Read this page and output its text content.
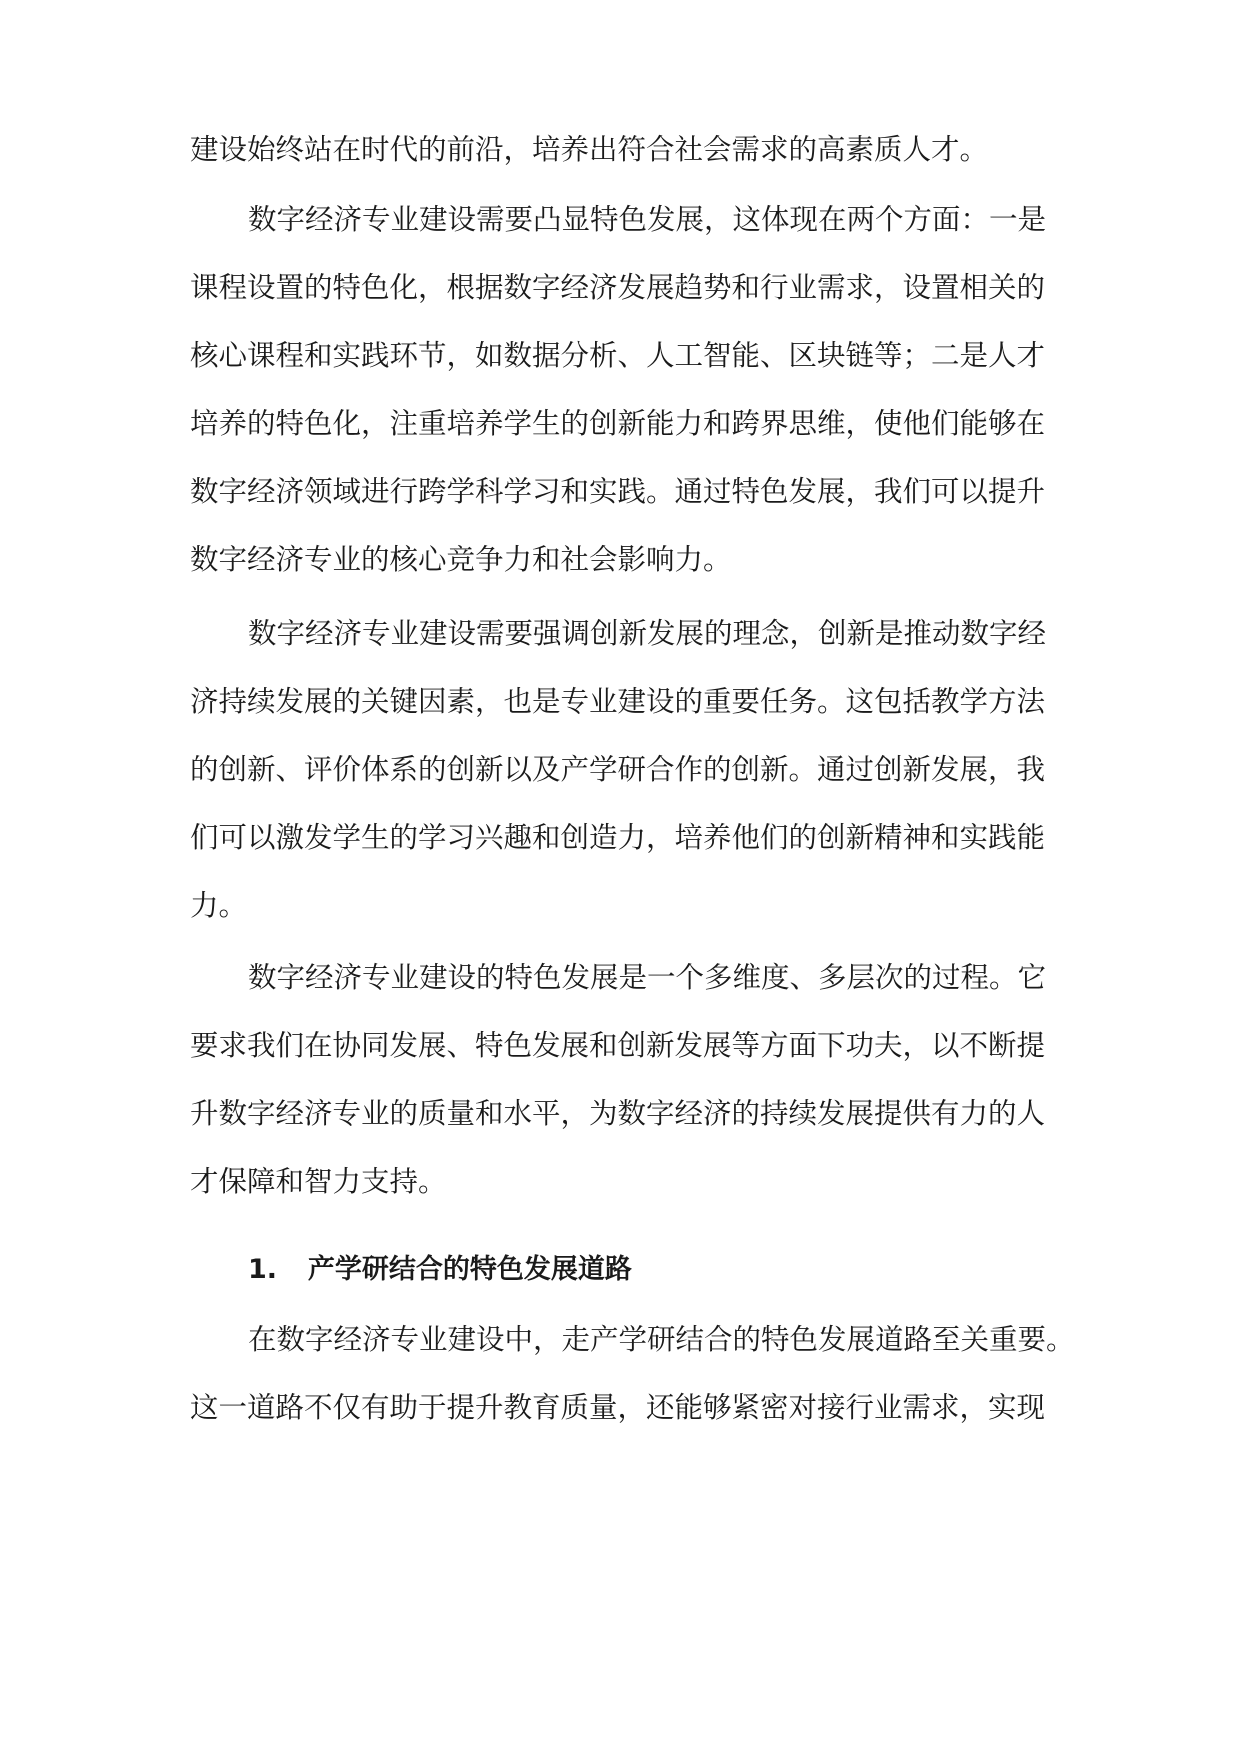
建设始终站在时代的前沿，培养出符合社会需求的高素质人才。
数字经济专业建设需要凸显特色发展，这体现在两个方面：一是
课程设置的特色化，根据数字经济发展趋势和行业需求，设置相关的
核心课程和实践环节，如数据分析、人工智能、区块链等；二是人才
培养的特色化，注重培养学生的创新能力和跨界思维，使他们能够在
数字经济领域进行跨学科学习和实践。通过特色发展，我们可以提升
数字经济专业的核心竞争力和社会影响力。
数字经济专业建设需要强调创新发展的理念，创新是推动数字经
济持续发展的关键因素，也是专业建设的重要任务。这包括教学方法
的创新、评价体系的创新以及产学研合作的创新。通过创新发展，我
们可以激发学生的学习兴趣和创造力，培养他们的创新精神和实践能
力。
数字经济专业建设的特色发展是一个多维度、多层次的过程。它
要求我们在协同发展、特色发展和创新发展等方面下功夫，以不断提
升数字经济专业的质量和水平，为数字经济的持续发展提供有力的人
才保障和智力支持。
1. 产学研结合的特色发展道路
在数字经济专业建设中，走产学研结合的特色发展道路至关重要。
这一道路不仅有助于提升教育质量，还能够紧密对接行业需求，实现
